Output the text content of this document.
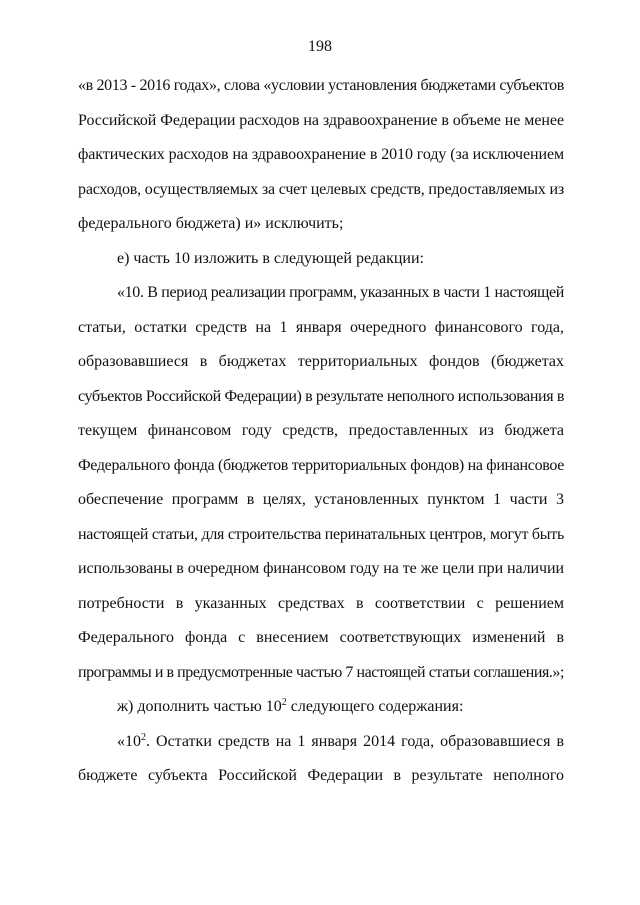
198
«в 2013 - 2016 годах», слова «условии установления бюджетами субъектов
Российской Федерации расходов на здравоохранение в объеме не менее
фактических расходов на здравоохранение в 2010 году (за исключением
расходов, осуществляемых за счет целевых средств, предоставляемых из
федерального бюджета) и» исключить;
е) часть 10 изложить в следующей редакции:
«10. В период реализации программ, указанных в части 1 настоящей
статьи, остатки средств на 1 января очередного финансового года,
образовавшиеся в бюджетах территориальных фондов (бюджетах
субъектов Российской Федерации) в результате неполного использования в
текущем финансовом году средств, предоставленных из бюджета
Федерального фонда (бюджетов территориальных фондов) на финансовое
обеспечение программ в целях, установленных пунктом 1 части 3
настоящей статьи, для строительства перинатальных центров, могут быть
использованы в очередном финансовом году на те же цели при наличии
потребности в указанных средствах в соответствии с решением
Федерального фонда с внесением соответствующих изменений в
программы и в предусмотренные частью 7 настоящей статьи соглашения.»;
ж) дополнить частью $10^2$ следующего содержания:
«$10^2$. Остатки средств на 1 января 2014 года, образовавшиеся в
бюджете субъекта Российской Федерации в результате неполного
